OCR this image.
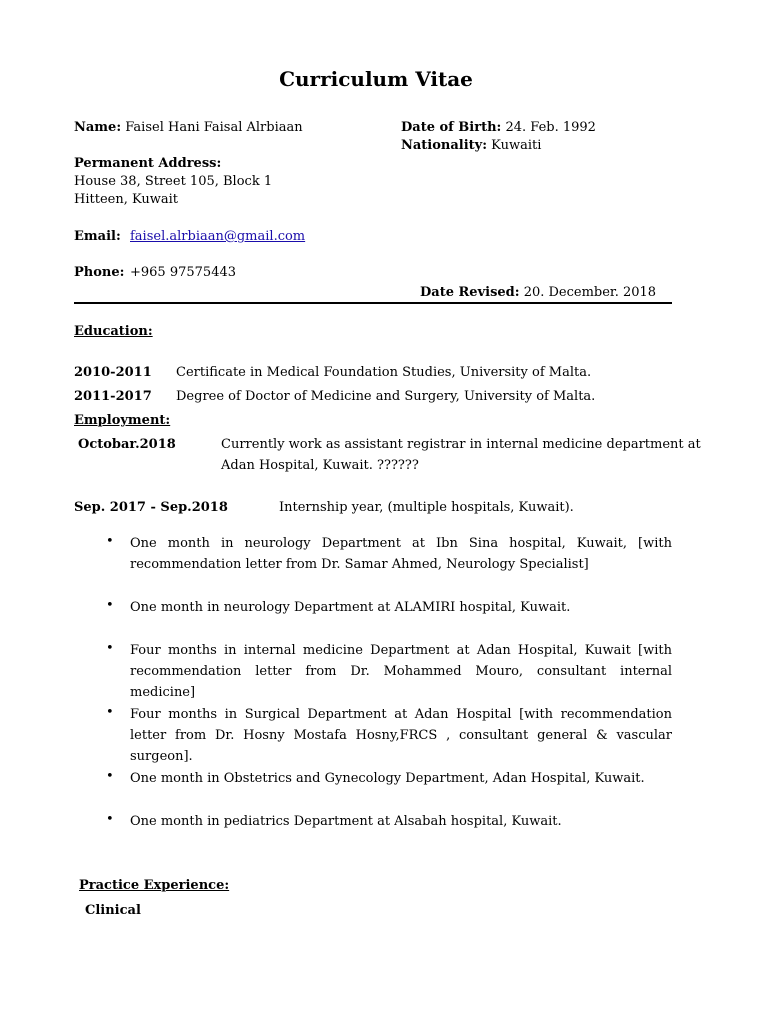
Curriculum Vitae
Name: Faisel Hani Faisal Alrbiaan	Date of Birth: 24. Feb. 1992
Nationality: Kuwaiti
Permanent Address:
House 38, Street 105, Block 1
Hitteen, Kuwait
Email: faisel.alrbiaan@gmail.com
Phone: +965 97575443
Date Revised: 20. December. 2018
Education:
2010-2011 Certificate in Medical Foundation Studies, University of Malta.
2011-2017 Degree of Doctor of Medicine and Surgery, University of Malta.
Employment:
Octobar.2018	Currently work as assistant registrar in internal medicine department at
Adan Hospital, Kuwait. ??????
Sep. 2017 - Sep.2018	Internship year, (multiple hospitals, Kuwait).
• One month in neurology Department at Ibn Sina hospital, Kuwait, [with recommendation letter from Dr. Samar Ahmed, Neurology Specialist]
• One month in neurology Department at ALAMIRI hospital, Kuwait.
• Four months in internal medicine Department at Adan Hospital, Kuwait [with recommendation letter from Dr. Mohammed Mouro, consultant internal medicine]
• Four months in Surgical Department at Adan Hospital [with recommendation letter from Dr. Hosny Mostafa Hosny,FRCS , consultant general & vascular surgeon].
• One month in Obstetrics and Gynecology Department, Adan Hospital, Kuwait.
• One month in pediatrics Department at Alsabah hospital, Kuwait.
Practice Experience:
Clinical
